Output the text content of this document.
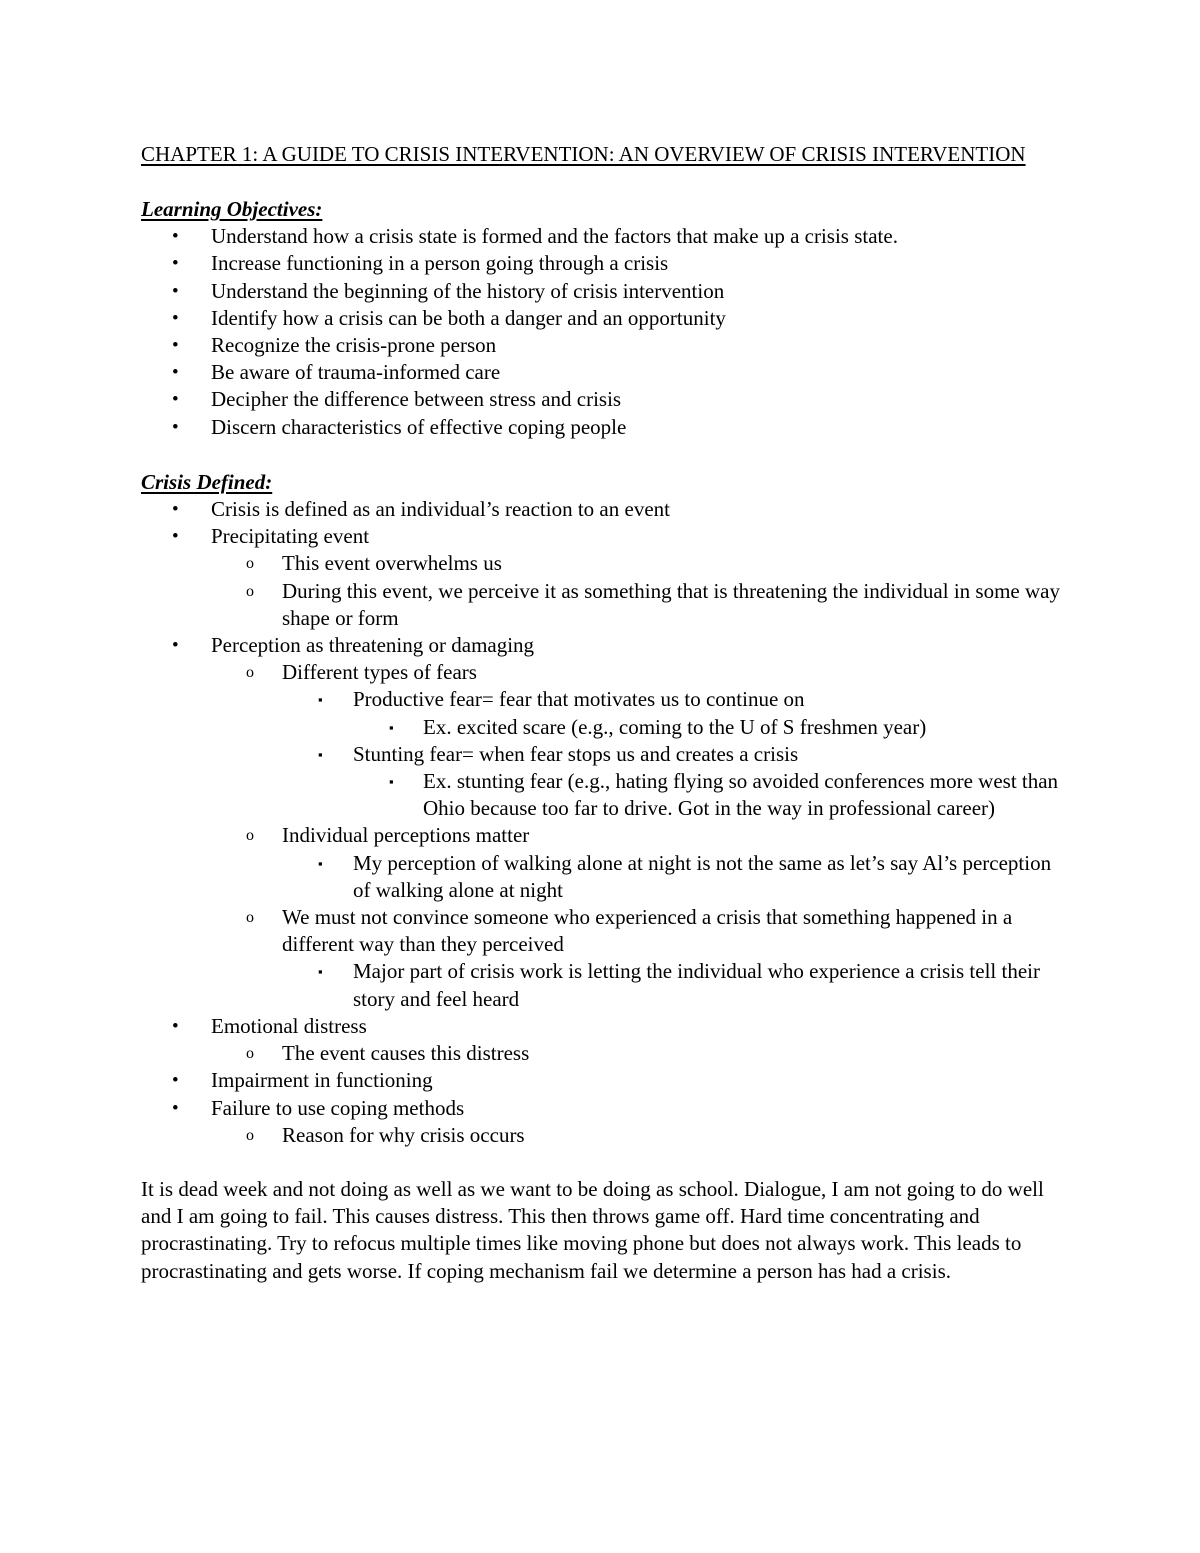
CHAPTER 1: A GUIDE TO CRISIS INTERVENTION: AN OVERVIEW OF CRISIS INTERVENTION
Learning Objectives:
• Understand how a crisis state is formed and the factors that make up a crisis state.
• Increase functioning in a person going through a crisis
• Understand the beginning of the history of crisis intervention
• Identify how a crisis can be both a danger and an opportunity
• Recognize the crisis-prone person
• Be aware of trauma-informed care
• Decipher the difference between stress and crisis
• Discern characteristics of effective coping people
Crisis Defined:
• Crisis is defined as an individual’s reaction to an event
• Precipitating event
o This event overwhelms us
o During this event, we perceive it as something that is threatening the individual in some way shape or form
• Perception as threatening or damaging
o Different types of fears
▪ Productive fear= fear that motivates us to continue on
▪ Ex. excited scare (e.g., coming to the U of S freshmen year)
▪ Stunting fear= when fear stops us and creates a crisis
▪ Ex. stunting fear (e.g., hating flying so avoided conferences more west than Ohio because too far to drive. Got in the way in professional career)
o Individual perceptions matter
▪ My perception of walking alone at night is not the same as let’s say Al’s perception of walking alone at night
o We must not convince someone who experienced a crisis that something happened in a different way than they perceived
▪ Major part of crisis work is letting the individual who experience a crisis tell their story and feel heard
• Emotional distress
o The event causes this distress
• Impairment in functioning
• Failure to use coping methods
o Reason for why crisis occurs

It is dead week and not doing as well as we want to be doing as school. Dialogue, I am not going to do well and I am going to fail. This causes distress. This then throws game off. Hard time concentrating and procrastinating. Try to refocus multiple times like moving phone but does not always work. This leads to procrastinating and gets worse. If coping mechanism fail we determine a person has had a crisis.
